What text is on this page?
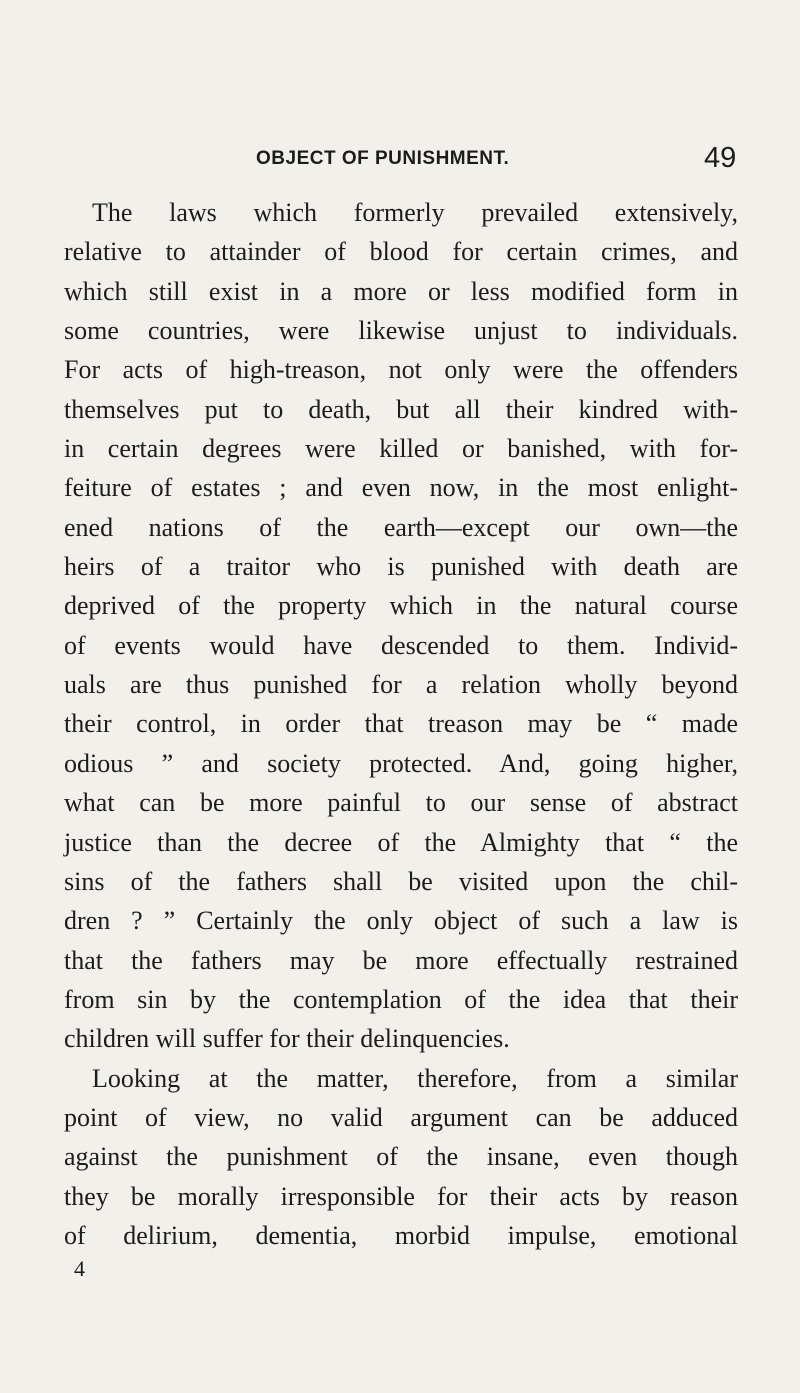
OBJECT OF PUNISHMENT.	49
The laws which formerly prevailed extensively,
relative to attainder of blood for certain crimes, and
which still exist in a more or less modified form in
some countries, were likewise unjust to individuals.
For acts of high-treason, not only were the offenders
themselves put to death, but all their kindred with-
in certain degrees were killed or banished, with for-
feiture of estates ; and even now, in the most enlight-
ened nations of the earth—except our own—the
heirs of a traitor who is punished with death are
deprived of the property which in the natural course
of events would have descended to them. Individ-
uals are thus punished for a relation wholly beyond
their control, in order that treason may be “ made
odious ” and society protected. And, going higher,
what can be more painful to our sense of abstract
justice than the decree of the Almighty that “ the
sins of the fathers shall be visited upon the chil-
dren ? ” Certainly the only object of such a law is
that the fathers may be more effectually restrained
from sin by the contemplation of the idea that their
children will suffer for their delinquencies.
Looking at the matter, therefore, from a similar
point of view, no valid argument can be adduced
against the punishment of the insane, even though
they be morally irresponsible for their acts by reason
of delirium, dementia, morbid impulse, emotional
4
